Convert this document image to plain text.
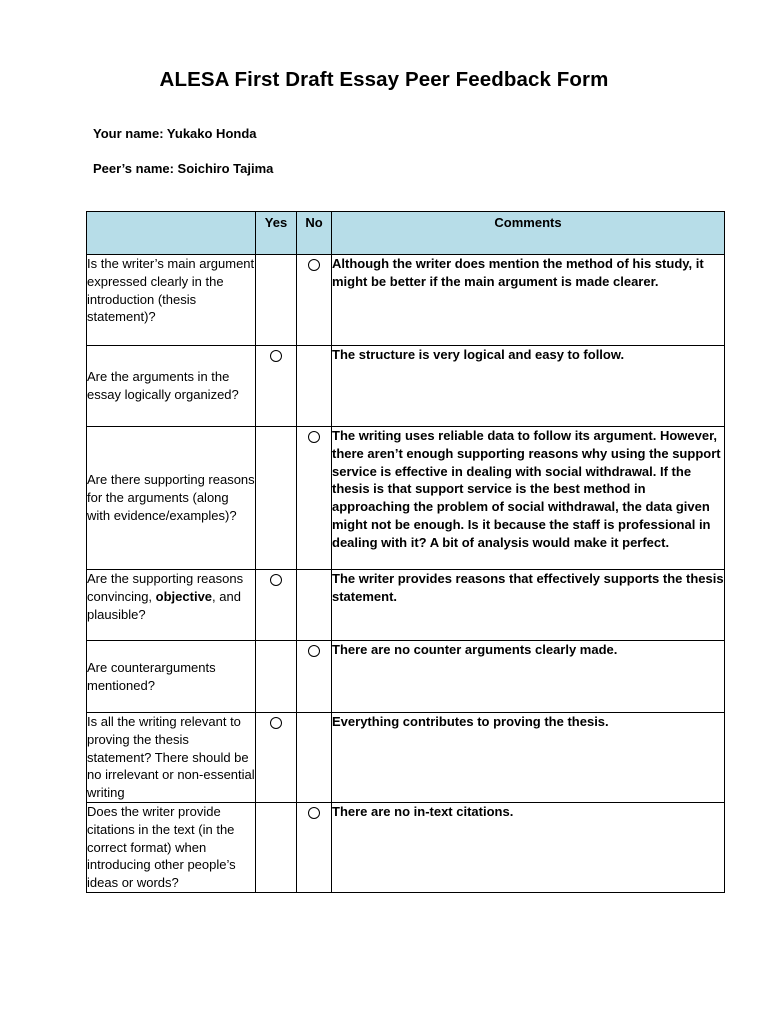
ALESA First Draft Essay Peer Feedback Form
Your name: Yukako Honda
Peer’s name: Soichiro Tajima
	Yes	No	Comments
Is the writer’s main argument expressed clearly in the introduction (thesis statement)?			Although the writer does mention the method of his study, it might be better if the main argument is made clearer.
Are the arguments in the essay logically organized?			The structure is very logical and easy to follow.
Are there supporting reasons for the arguments (along with evidence/examples)?			The writing uses reliable data to follow its argument. However, there aren’t enough supporting reasons why using the support service is effective in dealing with social withdrawal. If the thesis is that support service is the best method in approaching the problem of social withdrawal, the data given might not be enough. Is it because the staff is professional in dealing with it? A bit of analysis would make it perfect.
Are the supporting reasons convincing, objective, and plausible?			The writer provides reasons that effectively supports the thesis statement.
Are counterarguments mentioned?			There are no counter arguments clearly made.
Is all the writing relevant to proving the thesis statement? There should be no irrelevant or non-essential writing			Everything contributes to proving the thesis.
Does the writer provide citations in the text (in the correct format) when introducing other people’s ideas or words?			There are no in-text citations.
